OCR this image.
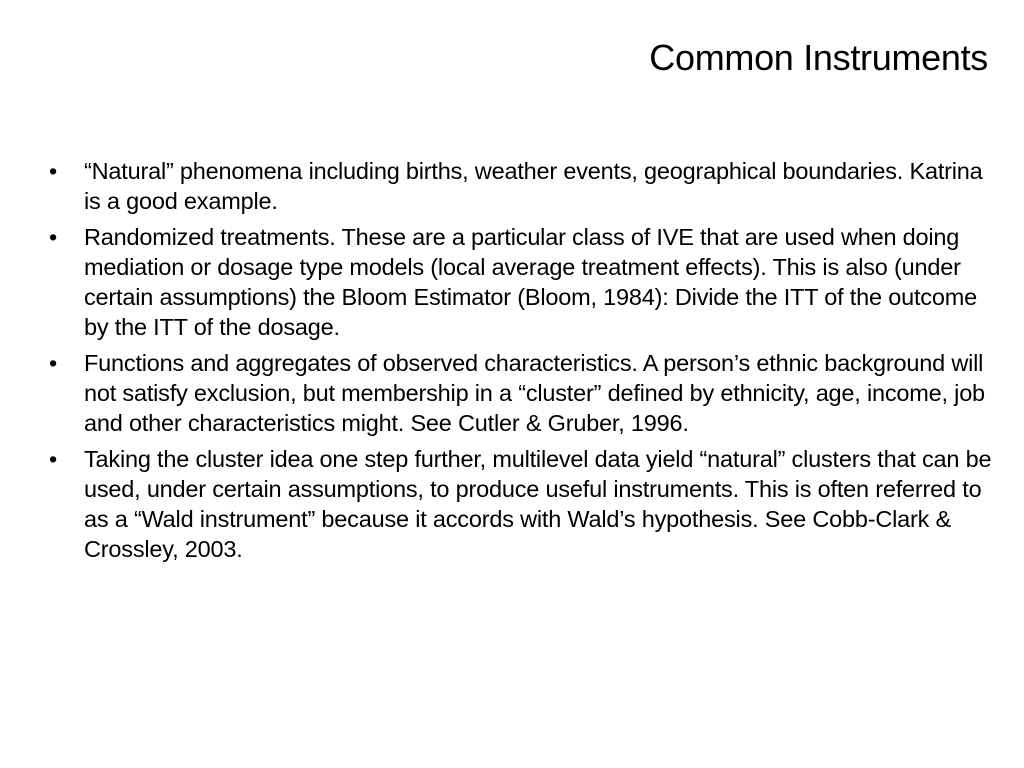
Common Instruments
• “Natural” phenomena including births, weather events, geographical boundaries. Katrina is a good example.
• Randomized treatments. These are a particular class of IVE that are used when doing mediation or dosage type models (local average treatment effects). This is also (under certain assumptions) the Bloom Estimator (Bloom, 1984): Divide the ITT of the outcome by the ITT of the dosage.
• Functions and aggregates of observed characteristics. A person’s ethnic background will not satisfy exclusion, but membership in a “cluster” defined by ethnicity, age, income, job and other characteristics might. See Cutler & Gruber, 1996.
• Taking the cluster idea one step further, multilevel data yield “natural” clusters that can be used, under certain assumptions, to produce useful instruments. This is often referred to as a “Wald instrument” because it accords with Wald’s hypothesis. See Cobb-Clark & Crossley, 2003.
